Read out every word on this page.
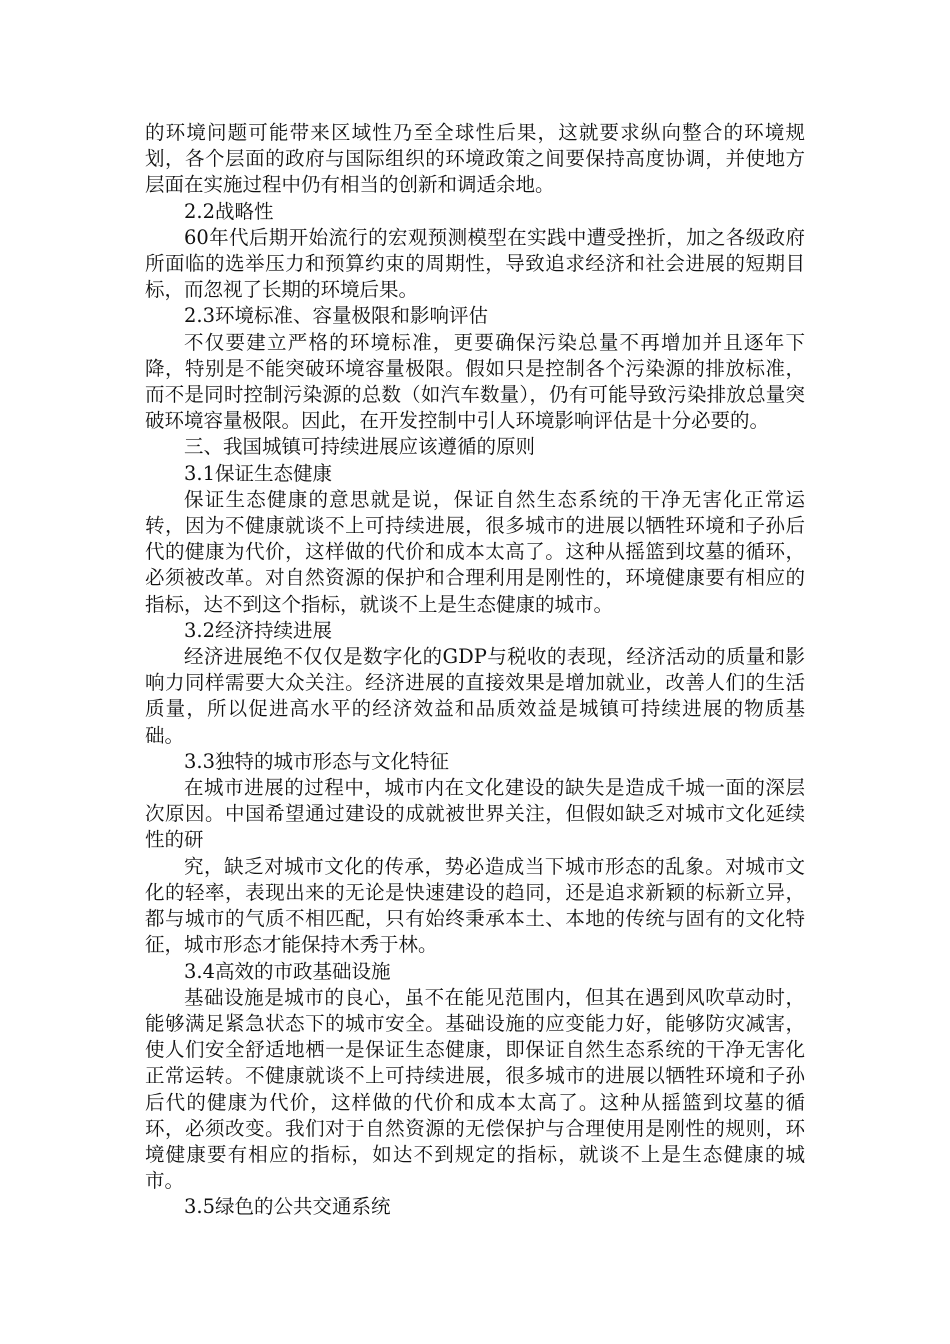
的环境问题可能带来区域性乃至全球性后果，这就要求纵向整合的环境规划，各个层面的政府与国际组织的环境政策之间要保持高度协调，并使地方层面在实施过程中仍有相当的创新和调适余地。

2.2战略性

60年代后期开始流行的宏观预测模型在实践中遭受挫折，加之各级政府所面临的选举压力和预算约束的周期性，导致追求经济和社会进展的短期目标，而忽视了长期的环境后果。

2.3环境标准、容量极限和影响评估

不仅要建立严格的环境标准，更要确保污染总量不再增加并且逐年下降，特别是不能突破环境容量极限。假如只是控制各个污染源的排放标准，而不是同时控制污染源的总数（如汽车数量），仍有可能导致污染排放总量突破环境容量极限。因此，在开发控制中引人环境影响评估是十分必要的。

三、我国城镇可持续进展应该遵循的原则

3.1保证生态健康

保证生态健康的意思就是说，保证自然生态系统的干净无害化正常运转，因为不健康就谈不上可持续进展，很多城市的进展以牺牲环境和子孙后代的健康为代价，这样做的代价和成本太高了。这种从摇篮到坟墓的循环，必须被改革。对自然资源的保护和合理利用是刚性的，环境健康要有相应的指标，达不到这个指标，就谈不上是生态健康的城市。

3.2经济持续进展

经济进展绝不仅仅是数字化的GDP与税收的表现，经济活动的质量和影响力同样需要大众关注。经济进展的直接效果是增加就业，改善人们的生活质量，所以促进高水平的经济效益和品质效益是城镇可持续进展的物质基础。

3.3独特的城市形态与文化特征

在城市进展的过程中，城市内在文化建设的缺失是造成千城一面的深层次原因。中国希望通过建设的成就被世界关注，但假如缺乏对城市文化延续性的研

究，缺乏对城市文化的传承，势必造成当下城市形态的乱象。对城市文化的轻率，表现出来的无论是快速建设的趋同，还是追求新颖的标新立异，都与城市的气质不相匹配，只有始终秉承本土、本地的传统与固有的文化特征，城市形态才能保持木秀于林。

3.4高效的市政基础设施

基础设施是城市的良心，虽不在能见范围内，但其在遇到风吹草动时，能够满足紧急状态下的城市安全。基础设施的应变能力好，能够防灾减害，使人们安全舒适地栖一是保证生态健康，即保证自然生态系统的干净无害化正常运转。不健康就谈不上可持续进展，很多城市的进展以牺牲环境和子孙后代的健康为代价，这样做的代价和成本太高了。这种从摇篮到坟墓的循环，必须改变。我们对于自然资源的无偿保护与合理使用是刚性的规则，环境健康要有相应的指标，如达不到规定的指标，就谈不上是生态健康的城市。

3.5绿色的公共交通系统
